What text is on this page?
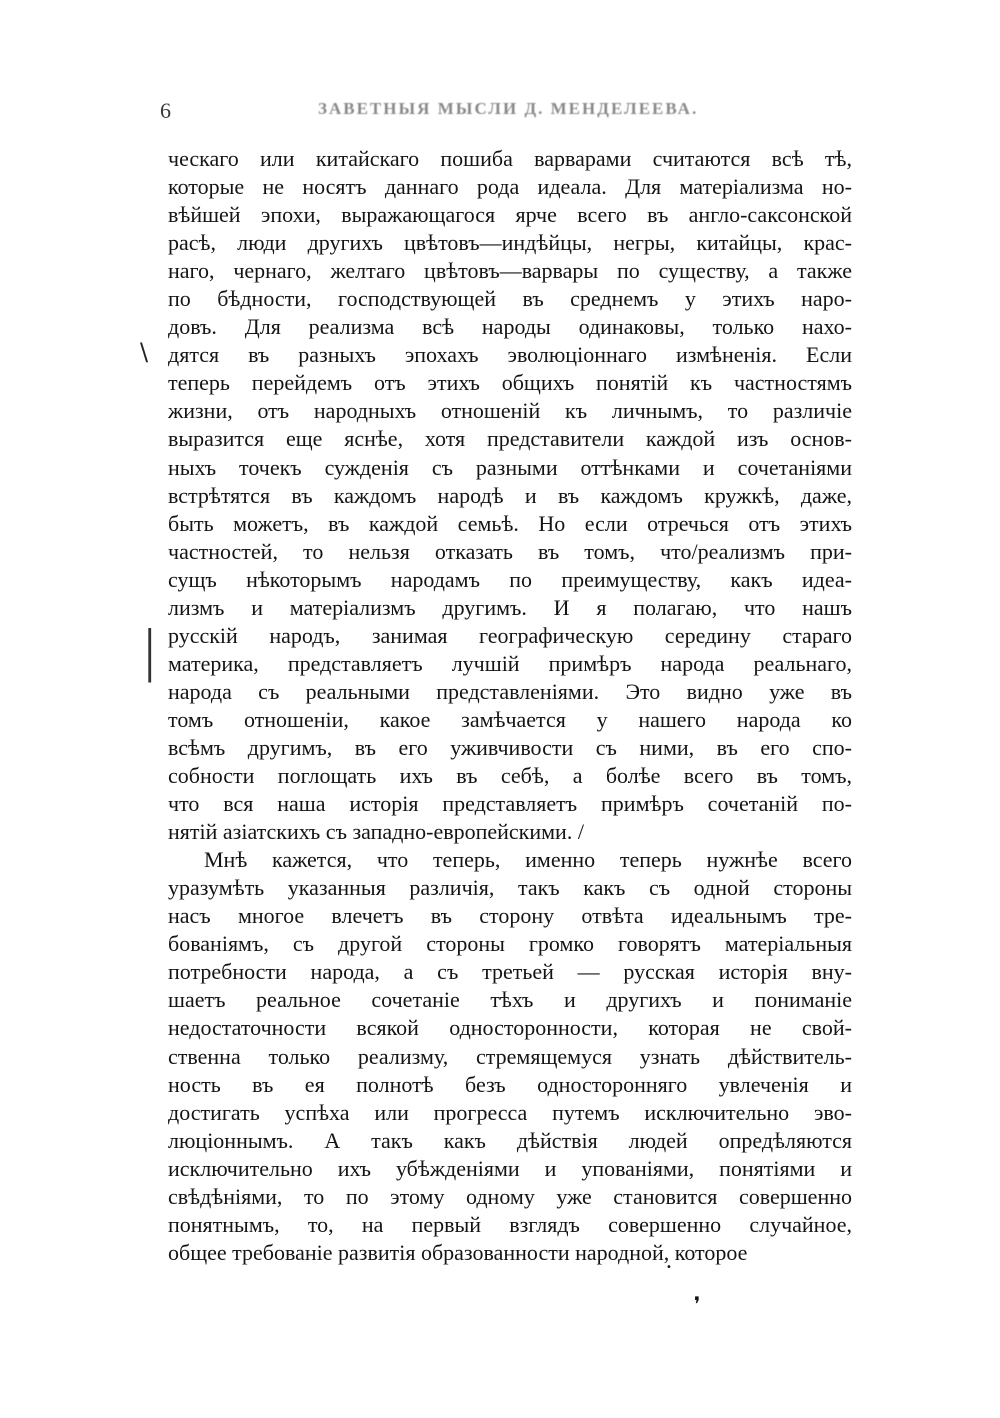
6	ЗАВЕТНЫЯ МЫСЛИ Д. МЕНДЕЛЕЕВА.
ческаго или китайскаго пошиба варварами считаются всѣ тѣ,
которые не носятъ даннаго рода идеала. Для матеріализма но-
вѣйшей эпохи, выражающагося ярче всего въ англо-саксонской
расѣ, люди другихъ цвѣтовъ—индѣйцы, негры, китайцы, крас-
наго, чернаго, желтаго цвѣтовъ—варвары по существу, а также
по бѣдности, господствующей въ среднемъ у этихъ наро-
довъ. Для реализма всѣ народы одинаковы, только нахо-
дятся въ разныхъ эпохахъ эволюціоннаго измѣненія. Если
теперь перейдемъ отъ этихъ общихъ понятій къ частностямъ
жизни, отъ народныхъ отношеній къ личнымъ, то различіе
выразится еще яснѣе, хотя представители каждой изъ основ-
ныхъ точекъ сужденія съ разными оттѣнками и сочетаніями
встрѣтятся въ каждомъ народѣ и въ каждомъ кружкѣ, даже,
быть можетъ, въ каждой семьѣ. Но если отречься отъ этихъ
частностей, то нельзя отказать въ томъ, что/реализмъ при-
сущъ нѣкоторымъ народамъ по преимуществу, какъ идеа-
лизмъ и матеріализмъ другимъ. И я полагаю, что нашъ
русскій народъ, занимая географическую середину стараго
материка, представляетъ лучшій примѣръ народа реальнаго,
народа съ реальными представленіями. Это видно уже въ
томъ отношеніи, какое замѣчается у нашего народа ко
всѣмъ другимъ, въ его уживчивости съ ними, въ его спо-
собности поглощать ихъ въ себѣ, а болѣе всего въ томъ,
что вся наша исторія представляетъ примѣръ сочетаній по-
нятій азіатскихъ съ западно-европейскими. /
Мнѣ кажется, что теперь, именно теперь нужнѣе всего
уразумѣть указанныя различія, такъ какъ съ одной стороны
насъ многое влечетъ въ сторону отвѣта идеальнымъ тре-
бованіямъ, съ другой стороны громко говорятъ матеріальныя
потребности народа, а съ третьей — русская исторія вну-
шаетъ реальное сочетаніе тѣхъ и другихъ и пониманіе
недостаточности всякой односторонности, которая не свой-
ственна только реализму, стремящемуся узнать дѣйствитель-
ность въ ея полнотѣ безъ односторонняго увлеченія и
достигать успѣха или прогресса путемъ исключительно эво-
люціоннымъ. А такъ какъ дѣйствія людей опредѣляются
исключительно ихъ убѣжденіями и упованіями, понятіями и
свѣдѣніями, то по этому одному уже становится совершенно
понятнымъ, то, на первый взглядъ совершенно случайное,
общее требованіе развитія образованности народной, которое
\
|
•
❜
